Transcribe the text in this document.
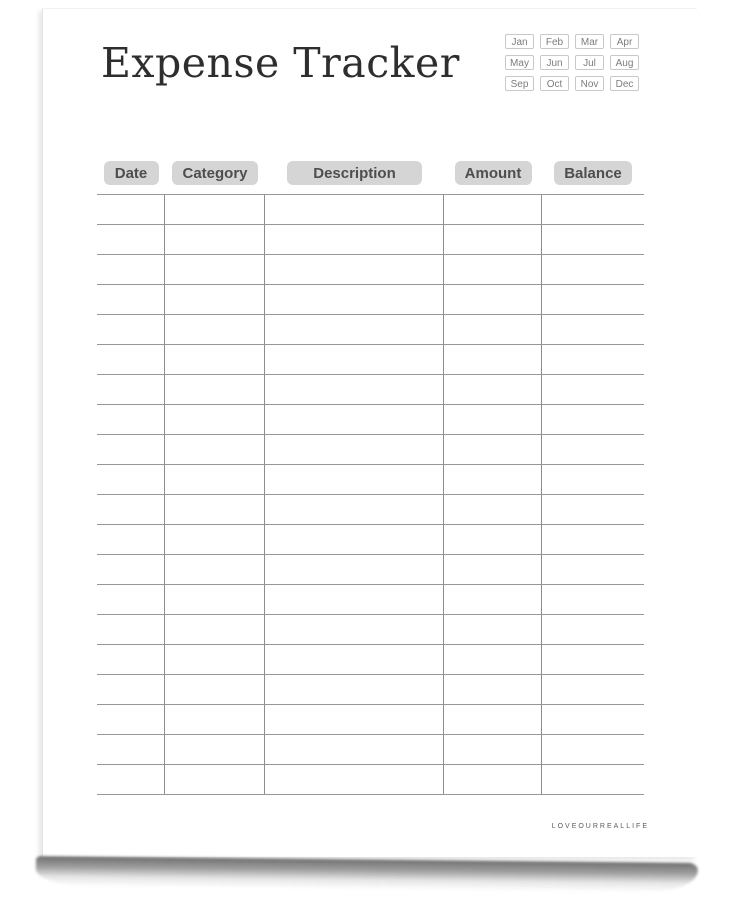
Expense Tracker	Jan	Feb	Mar	Apr
May	Jun	Jul	Aug
Sep	Oct	Nov	Dec
Date	Category	Description	Amount	Balance
LOVEOURREALLIFE
